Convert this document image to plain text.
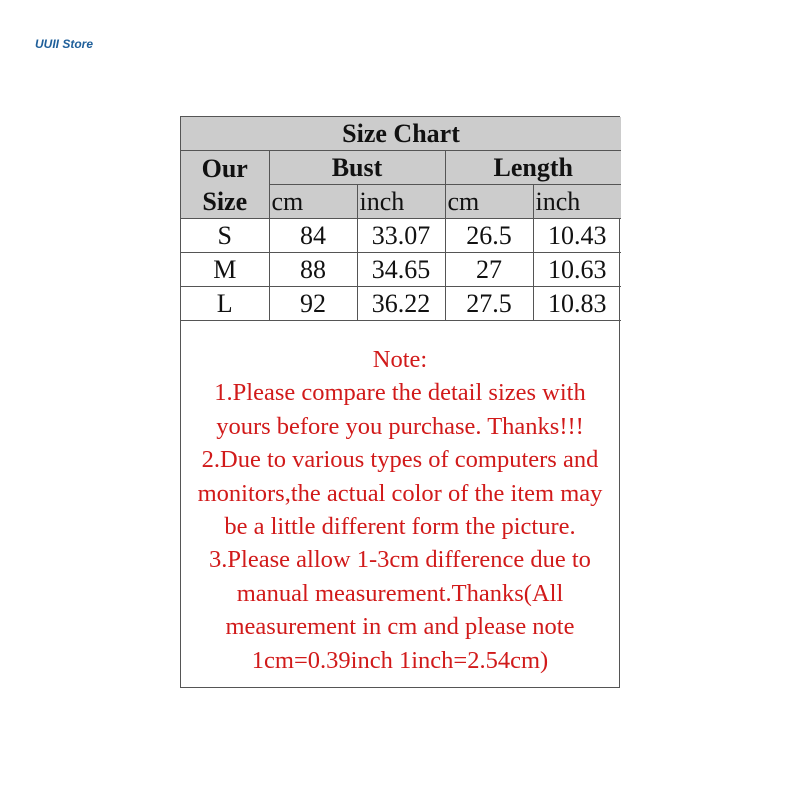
UUII Store
Size Chart				
Our
Size	Bust		Length	
	cm	inch	cm	inch
S	84	33.07	26.5	10.43
M	88	34.65	27	10.63
L	92	36.22	27.5	10.83
Note:
1.Please compare the detail sizes with
yours before you purchase. Thanks!!!
2.Due to various types of computers and
monitors,the actual color of the item may
be a little different form the picture.
3.Please allow 1-3cm difference due to
manual measurement.Thanks(All
measurement in cm and please note
1cm=0.39inch 1inch=2.54cm)
